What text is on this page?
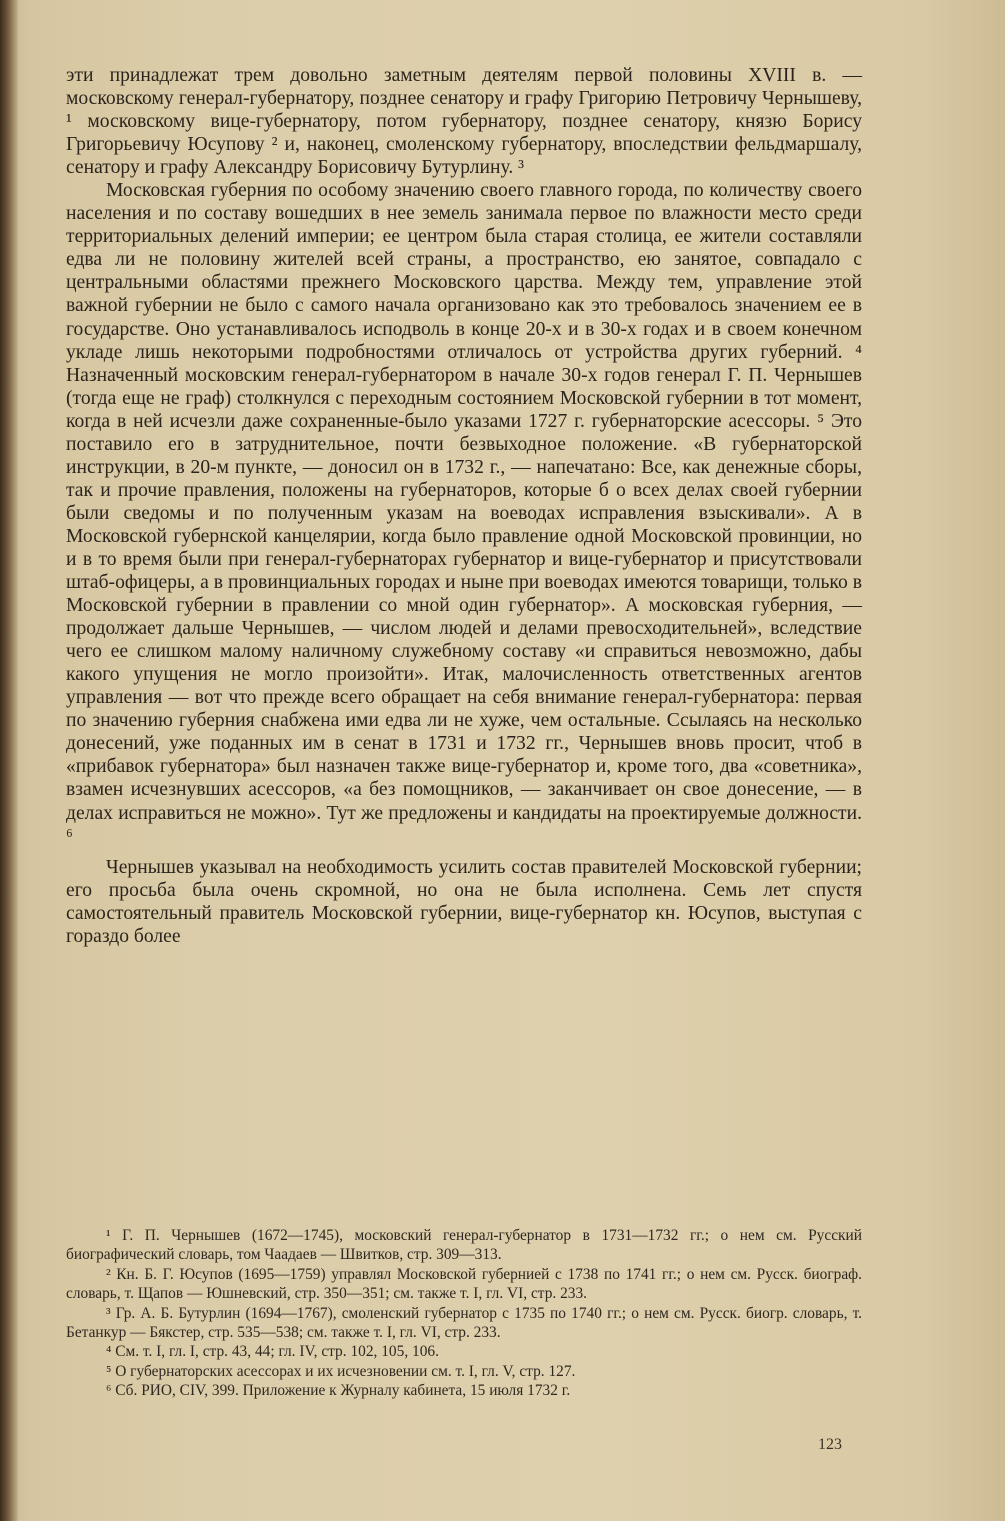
эти принадлежат трем довольно заметным деятелям первой половины XVIII в. — московскому генерал-губернатору, позднее сенатору и графу Григорию Петровичу Чернышеву, ¹ московскому вице-губернатору, потом губернатору, позднее сенатору, князю Борису Григорьевичу Юсупову ² и, наконец, смоленскому губернатору, впоследствии фельдмаршалу, сенатору и графу Александру Борисовичу Бутурлину. ³

Московская губерния по особому значению своего главного города, по количеству своего населения и по составу вошедших в нее земель занимала первое по влажности место среди территориальных делений империи; ее центром была старая столица, ее жители составляли едва ли не половину жителей всей страны, а пространство, ею занятое, совпадало с центральными областями прежнего Московского царства. Между тем, управление этой важной губернии не было с самого начала организовано как это требовалось значением ее в государстве. Оно устанавливалось исподволь в конце 20-х и в 30-х годах и в своем конечном укладе лишь некоторыми подробностями отличалось от устройства других губерний. ⁴ Назначенный московским генерал-губернатором в начале 30-х годов генерал Г. П. Чернышев (тогда еще не граф) столкнулся с переходным состоянием Московской губернии в тот момент, когда в ней исчезли даже сохраненные-было указами 1727 г. губернаторские асессоры. ⁵ Это поставило его в затруднительное, почти безвыходное положение. «В губернаторской инструкции, в 20-м пункте, — доносил он в 1732 г., — напечатано: Все, как денежные сборы, так и прочие правления, положены на губернаторов, которые б о всех делах своей губернии были сведомы и по полученным указам на воеводах исправления взыскивали». А в Московской губернской канцелярии, когда было правление одной Московской провинции, но и в то время были при генерал-губернаторах губернатор и вице-губернатор и присутствовали штаб-офицеры, а в провинциальных городах и ныне при воеводах имеются товарищи, только в Московской губернии в правлении со мной один губернатор». А московская губерния, — продолжает дальше Чернышев, — числом людей и делами превосходительней», вследствие чего ее слишком малому наличному служебному составу «и справиться невозможно, дабы какого упущения не могло произойти». Итак, малочисленность ответственных агентов управления — вот что прежде всего обращает на себя внимание генерал-губернатора: первая по значению губерния снабжена ими едва ли не хуже, чем остальные. Ссылаясь на несколько донесений, уже поданных им в сенат в 1731 и 1732 гг., Чернышев вновь просит, чтоб в «прибавок губернатора» был назначен также вице-губернатор и, кроме того, два «советника», взамен исчезнувших асессоров, «а без помощников, — заканчивает он свое донесение, — в делах исправиться не можно». Тут же предложены и кандидаты на проектируемые должности. ⁶

Чернышев указывал на необходимость усилить состав правителей Московской губернии; его просьба была очень скромной, но она не была исполнена. Семь лет спустя самостоятельный правитель Московской губернии, вице-губернатор кн. Юсупов, выступая с гораздо более

¹ Г. П. Чернышев (1672—1745), московский генерал-губернатор в 1731—1732 гг.; о нем см. Русский биографический словарь, том Чаадаев — Швитков, стр. 309—313.

² Кн. Б. Г. Юсупов (1695—1759) управлял Московской губернией с 1738 по 1741 гг.; о нем см. Русск. биограф. словарь, т. Щапов — Юшневский, стр. 350—351; см. также т. I, гл. VI, стр. 233.

³ Гр. А. Б. Бутурлин (1694—1767), смоленский губернатор с 1735 по 1740 гг.; о нем см. Русск. биогр. словарь, т. Бетанкур — Бякстер, стр. 535—538; см. также т. I, гл. VI, стр. 233.

⁴ См. т. I, гл. I, стр. 43, 44; гл. IV, стр. 102, 105, 106.

⁵ О губернаторских асессорах и их исчезновении см. т. I, гл. V, стр. 127.

⁶ Сб. РИО, CIV, 399. Приложение к Журналу кабинета, 15 июля 1732 г.

123
